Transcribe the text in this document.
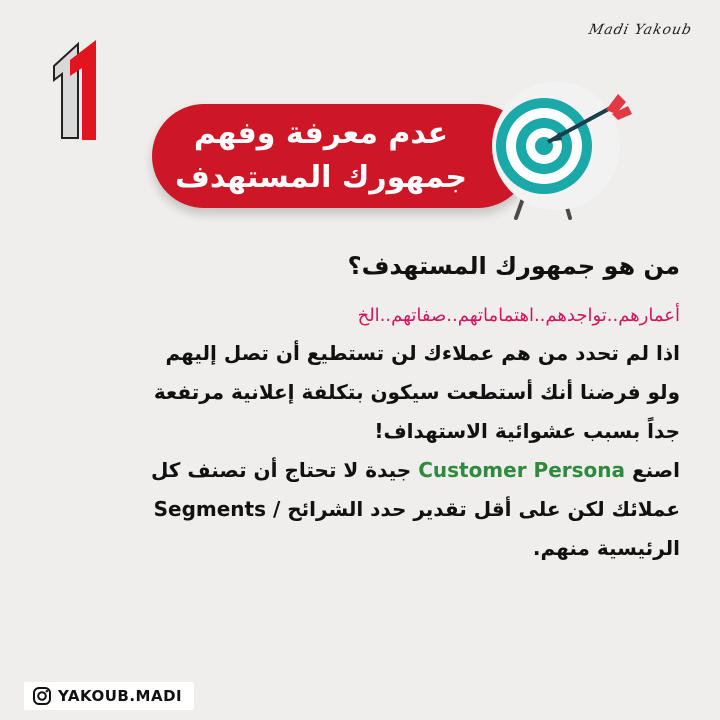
Madi Yakoub
عدم معرفة وفهم
جمهورك المستهدف
من هو جمهورك المستهدف؟
أعمارهم..تواجدهم..اهتماماتهم..صفاتهم..الخ
اذا لم تحدد من هم عملاءك لن تستطيع أن تصل إليهم
ولو فرضنا أنك أستطعت سيكون بتكلفة إعلانية مرتفعة
جداً بسبب عشوائية الاستهداف!
اصنع Customer Persona جيدة لا تحتاج أن تصنف كل
عملائك لكن على أقل تقدير حدد الشرائح / Segments
الرئيسية منهم.
YAKOUB.MADI
